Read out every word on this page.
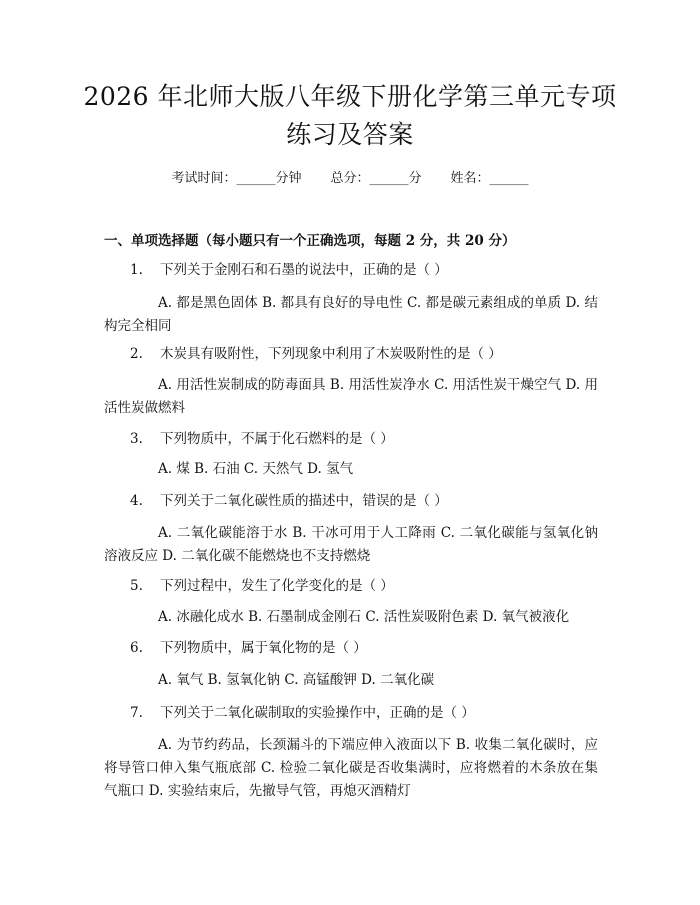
2026 年北师大版八年级下册化学第三单元专项练习及答案
考试时间：______分钟 总分：______分 姓名：______
一、单项选择题（每小题只有一个正确选项，每题 2 分，共 20 分）
1. 下列关于金刚石和石墨的说法中，正确的是（ ）
A. 都是黑色固体 B. 都具有良好的导电性 C. 都是碳元素组成的单质 D. 结构完全相同
2. 木炭具有吸附性，下列现象中利用了木炭吸附性的是（ ）
A. 用活性炭制成的防毒面具 B. 用活性炭净水 C. 用活性炭干燥空气 D. 用活性炭做燃料
3. 下列物质中，不属于化石燃料的是（ ）
A. 煤 B. 石油 C. 天然气 D. 氢气
4. 下列关于二氧化碳性质的描述中，错误的是（ ）
A. 二氧化碳能溶于水 B. 干冰可用于人工降雨 C. 二氧化碳能与氢氧化钠溶液反应 D. 二氧化碳不能燃烧也不支持燃烧
5. 下列过程中，发生了化学变化的是（ ）
A. 冰融化成水 B. 石墨制成金刚石 C. 活性炭吸附色素 D. 氧气被液化
6. 下列物质中，属于氧化物的是（ ）
A. 氧气 B. 氢氧化钠 C. 高锰酸钾 D. 二氧化碳
7. 下列关于二氧化碳制取的实验操作中，正确的是（ ）
A. 为节约药品，长颈漏斗的下端应伸入液面以下 B. 收集二氧化碳时，应将导管口伸入集气瓶底部 C. 检验二氧化碳是否收集满时，应将燃着的木条放在集气瓶口 D. 实验结束后，先撤导气管，再熄灭酒精灯
